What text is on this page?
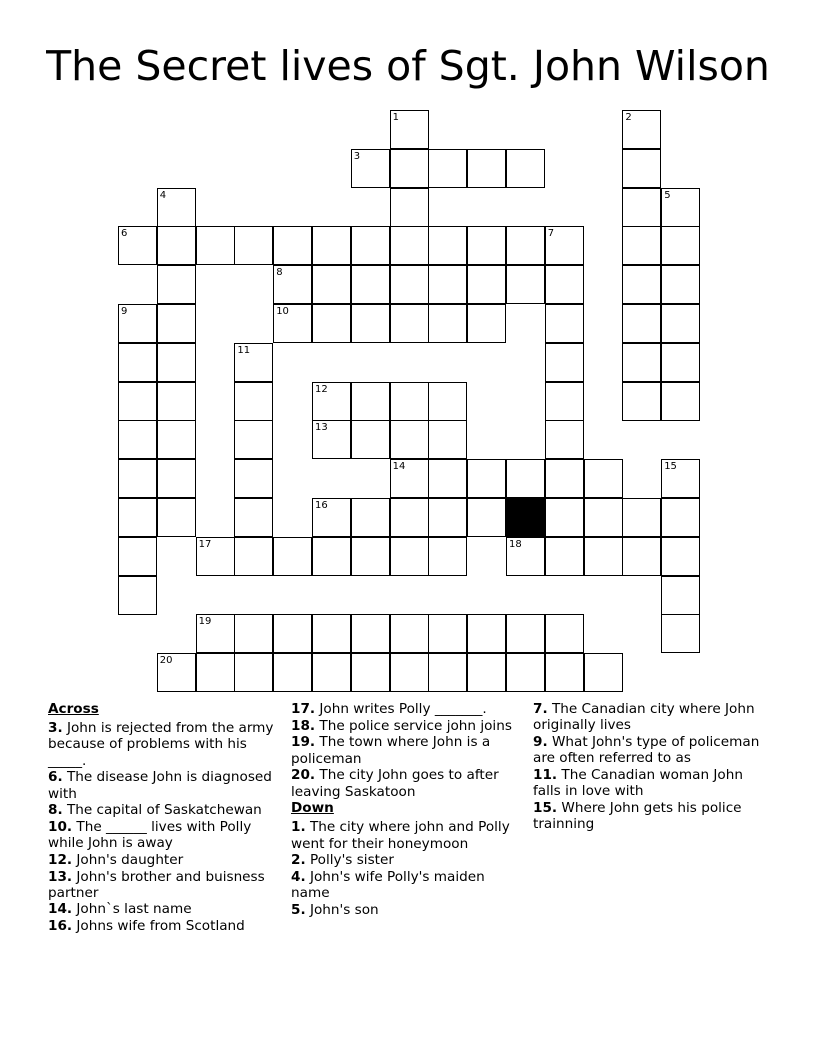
The Secret lives of Sgt. John Wilson
1	2
3
4	5
6	7
8
9	10
11
12
13
14	15
16
17	18
19
20
Across
3. John is rejected from the army because of problems with his _____.
6. The disease John is diagnosed with
8. The capital of Saskatchewan
10. The ______ lives with Polly while John is away
12. John's daughter
13. John's brother and buisness partner
14. John`s last name
16. Johns wife from Scotland
17. John writes Polly _______.
18. The police service john joins
19. The town where John is a policeman
20. The city John goes to after leaving Saskatoon
Down
1. The city where john and Polly went for their honeymoon
2. Polly's sister
4. John's wife Polly's maiden name
5. John's son
7. The Canadian city where John originally lives
9. What John's type of policeman are often referred to as
11. The Canadian woman John falls in love with
15. Where John gets his police trainning
